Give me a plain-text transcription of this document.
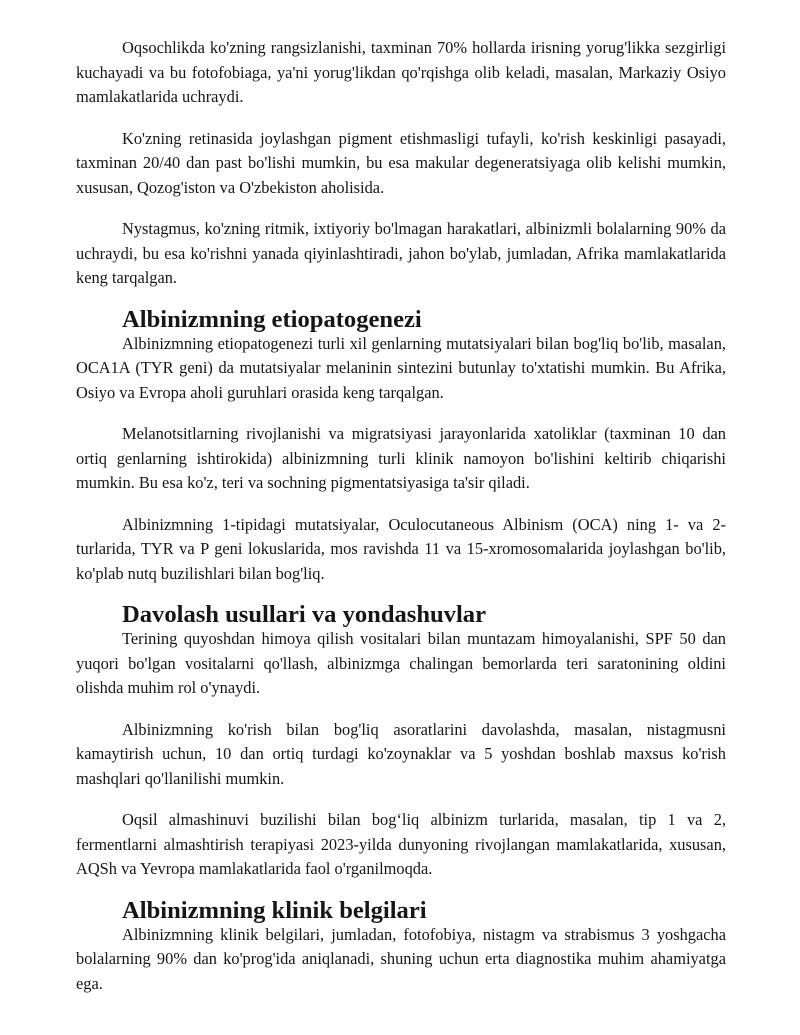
Oqsochlikda ko'zning rangsizlanishi, taxminan 70% hollarda irisning yorug'likka sezgirligi kuchayadi va bu fotofobiaga, ya'ni yorug'likdan qo'rqishga olib keladi, masalan, Markaziy Osiyo mamlakatlarida uchraydi.

Ko'zning retinasida joylashgan pigment etishmasligi tufayli, ko'rish keskinligi pasayadi, taxminan 20/40 dan past bo'lishi mumkin, bu esa makular degeneratsiyaga olib kelishi mumkin, xususan, Qozog'iston va O'zbekiston aholisida.

Nystagmus, ko'zning ritmik, ixtiyoriy bo'lmagan harakatlari, albinizmli bolalarning 90% da uchraydi, bu esa ko'rishni yanada qiyinlashtiradi, jahon bo'ylab, jumladan, Afrika mamlakatlarida keng tarqalgan.

Albinizmning etiopatogenezi

Albinizmning etiopatogenezi turli xil genlarning mutatsiyalari bilan bog'liq bo'lib, masalan, OCA1A (TYR geni) da mutatsiyalar melaninin sintezini butunlay to'xtatishi mumkin. Bu Afrika, Osiyo va Evropa aholi guruhlari orasida keng tarqalgan.

Melanotsitlarning rivojlanishi va migratsiyasi jarayonlarida xatoliklar (taxminan 10 dan ortiq genlarning ishtirokida) albinizmning turli klinik namoyon bo'lishini keltirib chiqarishi mumkin. Bu esa ko'z, teri va sochning pigmentatsiyasiga ta'sir qiladi.

Albinizmning 1-tipidagi mutatsiyalar, Oculocutaneous Albinism (OCA) ning 1- va 2- turlarida, TYR va P geni lokuslarida, mos ravishda 11 va 15-xromosomalarida joylashgan bo'lib, ko'plab nutq buzilishlari bilan bog'liq.

Davolash usullari va yondashuvlar

Terining quyoshdan himoya qilish vositalari bilan muntazam himoyalanishi, SPF 50 dan yuqori bo'lgan vositalarni qo'llash, albinizmga chalingan bemorlarda teri saratonining oldini olishda muhim rol o'ynaydi.

Albinizmning ko'rish bilan bog'liq asoratlarini davolashda, masalan, nistagmusni kamaytirish uchun, 10 dan ortiq turdagi ko'zoynaklar va 5 yoshdan boshlab maxsus ko'rish mashqlari qo'llanilishi mumkin.

Oqsil almashinuvi buzilishi bilan bog‘liq albinizm turlarida, masalan, tip 1 va 2, fermentlarni almashtirish terapiyasi 2023-yilda dunyoning rivojlangan mamlakatlarida, xususan, AQSh va Yevropa mamlakatlarida faol o'rganilmoqda.

Albinizmning klinik belgilari

Albinizmning klinik belgilari, jumladan, fotofobiya, nistagm va strabismus 3 yoshgacha bolalarning 90% dan ko'prog'ida aniqlanadi, shuning uchun erta diagnostika muhim ahamiyatga ega.
